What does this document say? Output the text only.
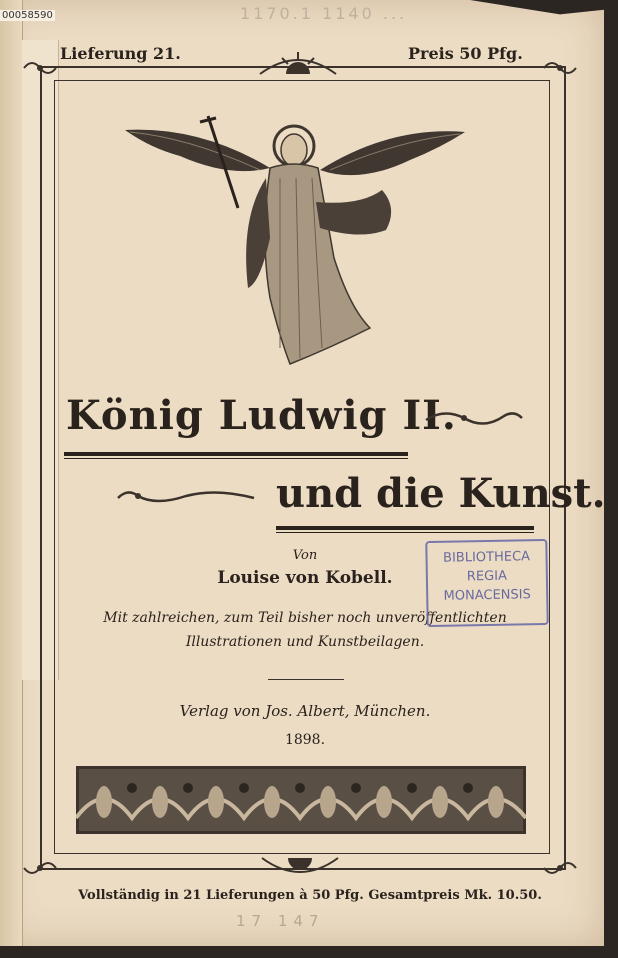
00058590	1170.1 1140 ...
Lieferung 21.	Preis 50 Pfg.
König Ludwig II.
und die Kunst.
Von
Louise von Kobell.
Mit zahlreichen, zum Teil bisher noch unveröffentlichten
Illustrationen und Kunstbeilagen.
Verlag von Jos. Albert, München.
1898.
BIBLIOTHECA
REGIA
MONACENSIS
Vollständig in 21 Lieferungen à 50 Pfg. Gesamtpreis Mk. 10.50.
17 147
